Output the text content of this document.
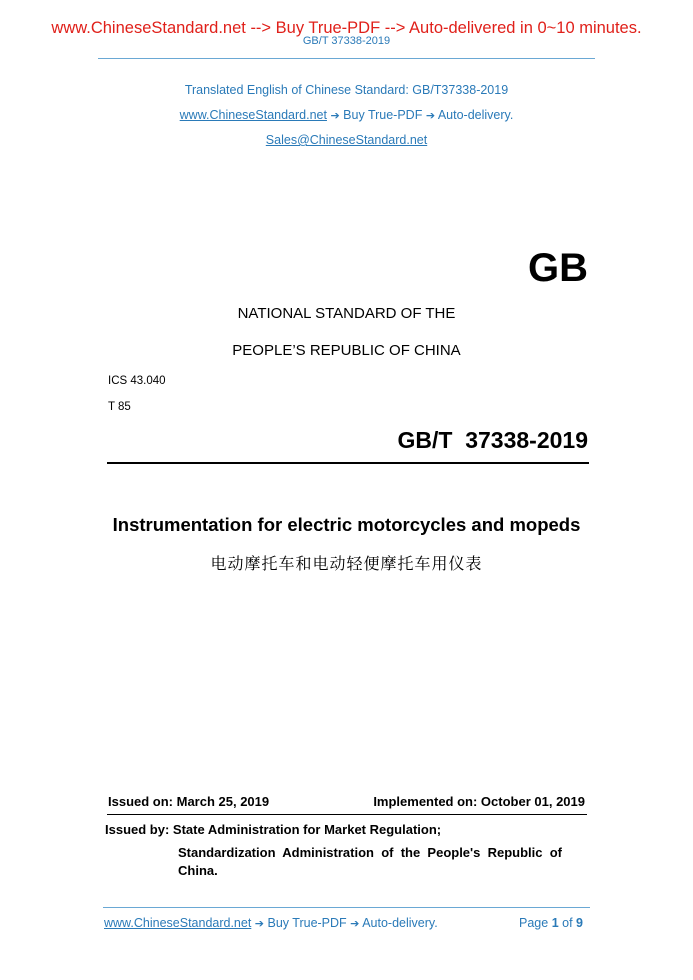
www.ChineseStandard.net --> Buy True-PDF --> Auto-delivered in 0~10 minutes.
GB/T 37338-2019
Translated English of Chinese Standard: GB/T37338-2019
www.ChineseStandard.net ➔ Buy True-PDF ➔ Auto-delivery.
Sales@ChineseStandard.net
GB
NATIONAL STANDARD OF THE
PEOPLE’S REPUBLIC OF CHINA
ICS 43.040
T 85
GB/T  37338-2019
Instrumentation for electric motorcycles and mopeds
电动摩托车和电动轻便摩托车用仪表
Issued on: March 25, 2019	Implemented on: October 01, 2019
Issued by: State Administration for Market Regulation;
Standardization  Administration  of  the  People's  Republic  of
China.
www.ChineseStandard.net ➔ Buy True-PDF ➔ Auto-delivery.	Page 1 of 9
